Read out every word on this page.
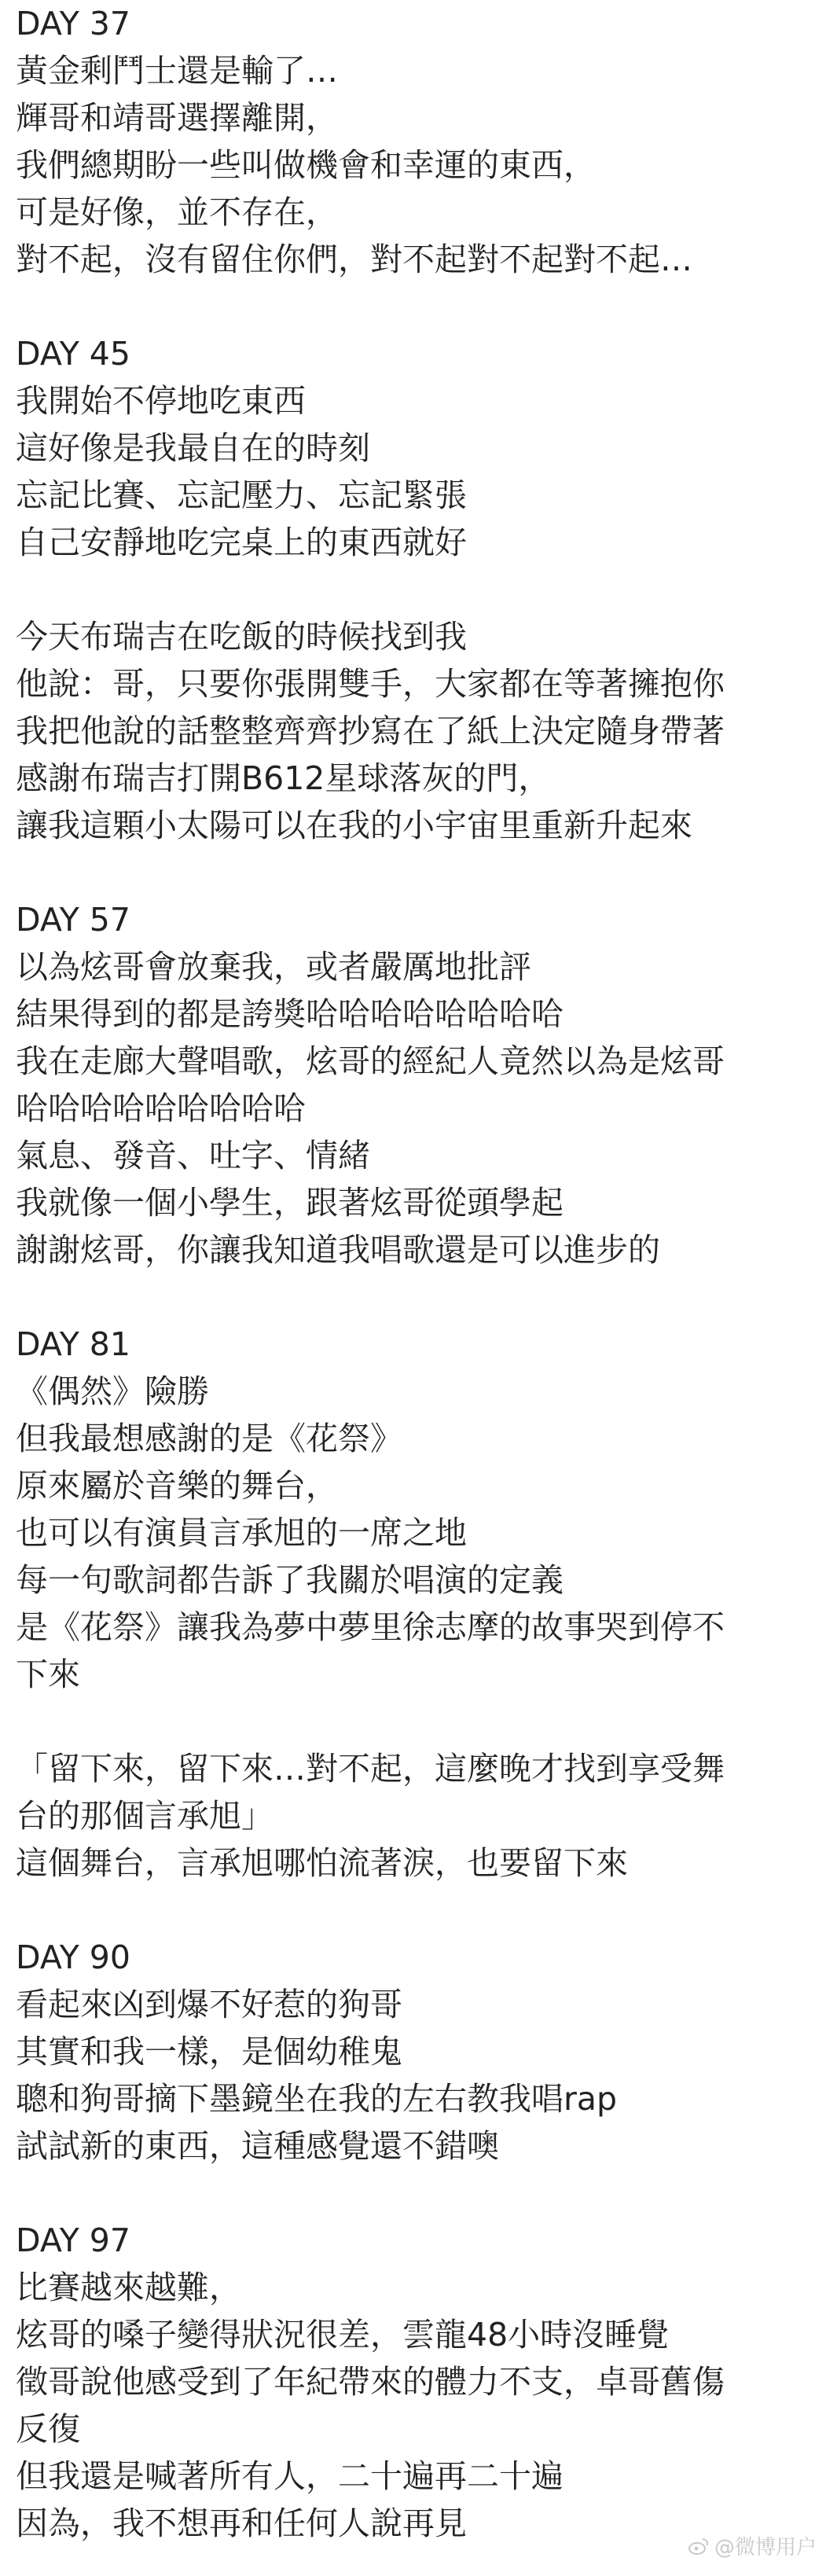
DAY 37
黃金剩鬥士還是輸了…
輝哥和靖哥選擇離開，
我們總期盼一些叫做機會和幸運的東西，
可是好像，並不存在，
對不起，沒有留住你們，對不起對不起對不起…
DAY 45
我開始不停地吃東西
這好像是我最自在的時刻
忘記比賽、忘記壓力、忘記緊張
自己安靜地吃完桌上的東西就好
今天布瑞吉在吃飯的時候找到我
他說：哥，只要你張開雙手，大家都在等著擁抱你
我把他說的話整整齊齊抄寫在了紙上決定隨身帶著
感謝布瑞吉打開B612星球落灰的門，
讓我這顆小太陽可以在我的小宇宙里重新升起來
DAY 57
以為炫哥會放棄我，或者嚴厲地批評
結果得到的都是誇獎哈哈哈哈哈哈哈哈
我在走廊大聲唱歌，炫哥的經紀人竟然以為是炫哥
哈哈哈哈哈哈哈哈哈
氣息、發音、吐字、情緒
我就像一個小學生，跟著炫哥從頭學起
謝謝炫哥，你讓我知道我唱歌還是可以進步的
DAY 81
《偶然》險勝
但我最想感謝的是《花祭》
原來屬於音樂的舞台，
也可以有演員言承旭的一席之地
每一句歌詞都告訴了我關於唱演的定義
是《花祭》讓我為夢中夢里徐志摩的故事哭到停不
下來
「留下來，留下來…對不起，這麼晚才找到享受舞
台的那個言承旭」
這個舞台，言承旭哪怕流著淚，也要留下來
DAY 90
看起來凶到爆不好惹的狗哥
其實和我一樣，是個幼稚鬼
聰和狗哥摘下墨鏡坐在我的左右教我唱rap
試試新的東西，這種感覺還不錯噢
DAY 97
比賽越來越難，
炫哥的嗓子變得狀況很差，雲龍48小時沒睡覺
徵哥說他感受到了年紀帶來的體力不支，卓哥舊傷
反復
但我還是喊著所有人，二十遍再二十遍
因為，我不想再和任何人說再見
@微博用户
